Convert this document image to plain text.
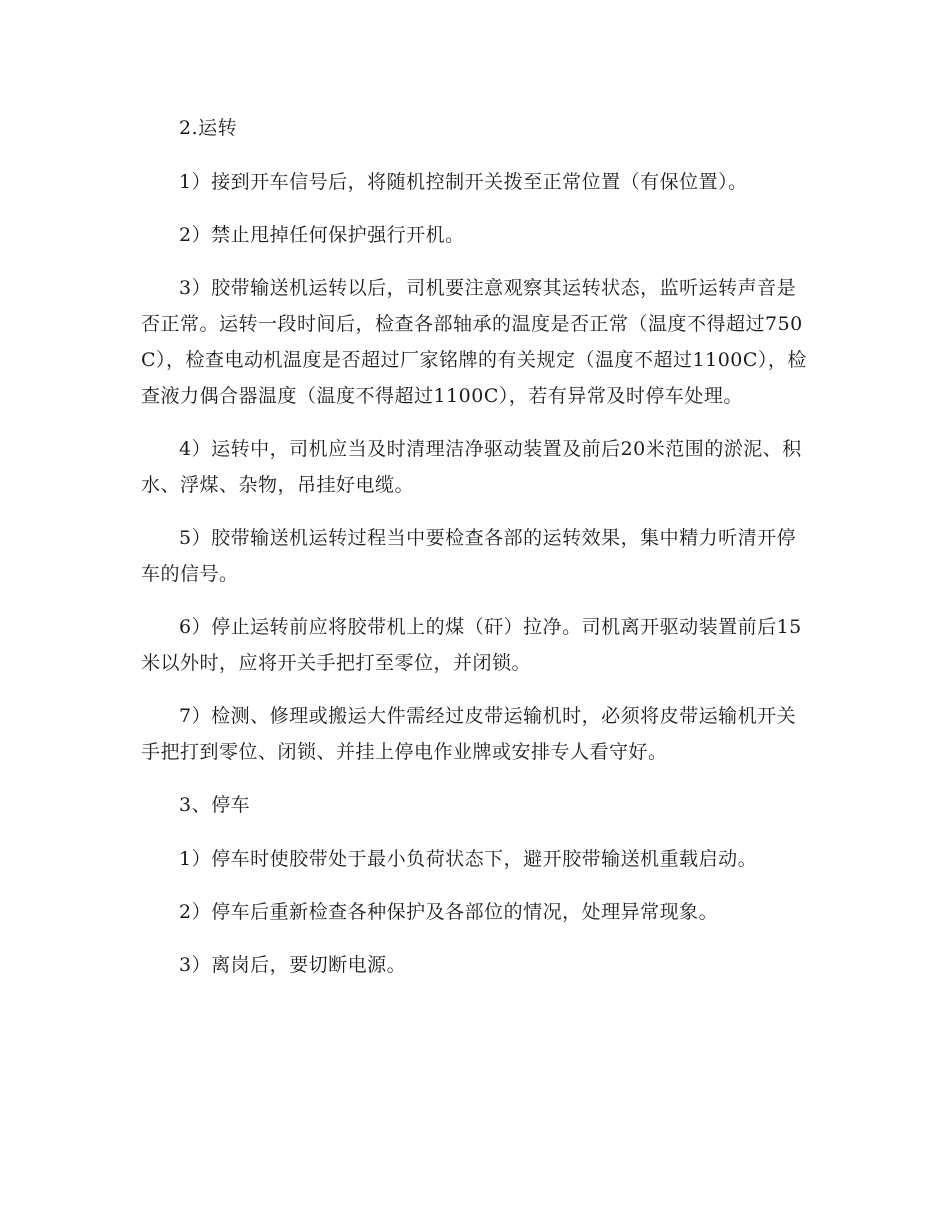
2.运转

1）接到开车信号后，将随机控制开关拨至正常位置（有保位置）。

2）禁止甩掉任何保护强行开机。

3）胶带输送机运转以后，司机要注意观察其运转状态，监听运转声音是否正常。运转一段时间后，检查各部轴承的温度是否正常（温度不得超过750C），检查电动机温度是否超过厂家铭牌的有关规定（温度不超过1100C），检查液力偶合器温度（温度不得超过1100C），若有异常及时停车处理。

4）运转中，司机应当及时清理洁净驱动装置及前后20米范围的淤泥、积水、浮煤、杂物，吊挂好电缆。

5）胶带输送机运转过程当中要检查各部的运转效果，集中精力听清开停车的信号。

6）停止运转前应将胶带机上的煤（矸）拉净。司机离开驱动装置前后15米以外时，应将开关手把打至零位，并闭锁。

7）检测、修理或搬运大件需经过皮带运输机时，必须将皮带运输机开关手把打到零位、闭锁、并挂上停电作业牌或安排专人看守好。

3、停车

1）停车时使胶带处于最小负荷状态下，避开胶带输送机重载启动。

2）停车后重新检查各种保护及各部位的情况，处理异常现象。

3）离岗后，要切断电源。
